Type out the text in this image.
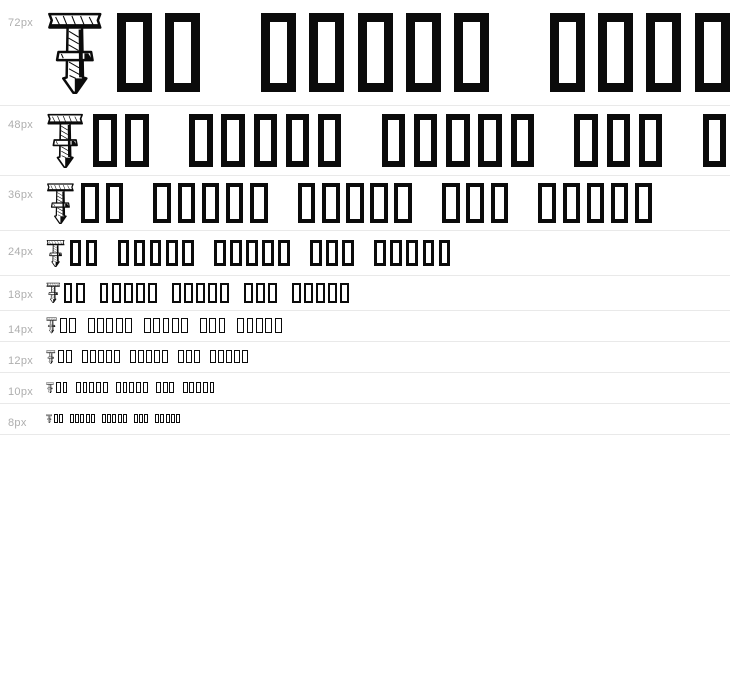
72px
48px
36px
24px
18px
14px
12px
10px
8px
